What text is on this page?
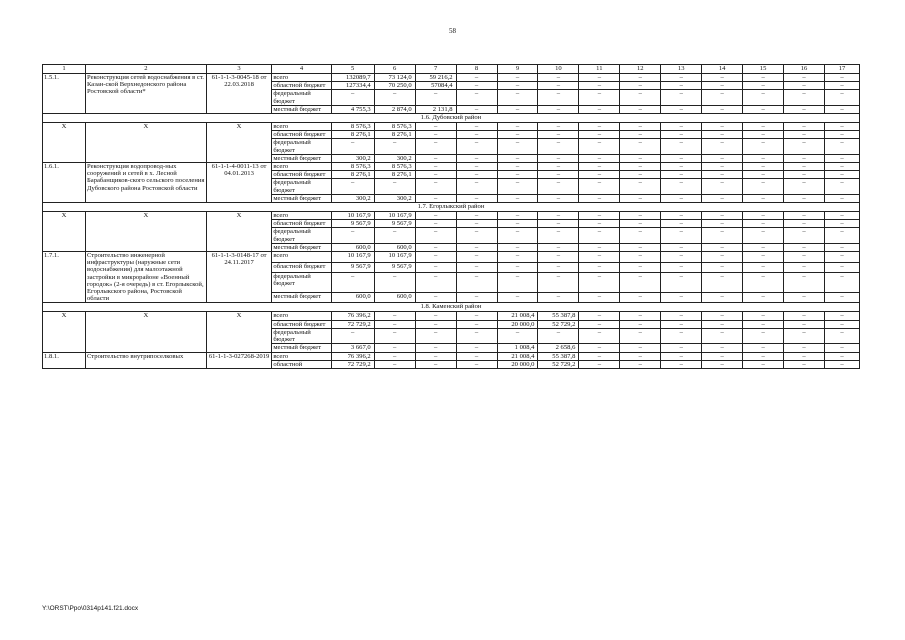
58
1	2	3	4	5	6	7	8	9	10	11	12	13	14	15	16	17
1.5.1.	Реконструкция сетей водоснабжения в ст. Казан-ской Верхнедонского района Ростовской области*	61-1-1-3-0045-18 от 22.03.2018	всего	132089,7	73 124,0	59 216,2	–	–	–	–	–	–	–	–	–	–
			областной бюджет	127334,4	70 250,0	57084,4	–	–	–	–	–	–	–	–	–	–
			федеральный бюджет	–	–	–	–	–	–	–	–	–	–	–	–	–
			местный бюджет	4 755,3	2 874,0	2 131,8	–	–	–	–	–	–	–	–	–	–
1.6. Дубовский район																
Х	Х	Х	всего	8 576,3	8 576,3	–	–	–	–	–	–	–	–	–	–	–
			областной бюджет	8 276,1	8 276,1	–	–	–	–	–	–	–	–	–	–	–
			федеральный бюджет	–	–	–	–	–	–	–	–	–	–	–	–	–
			местный бюджет	300,2	300,2	–	–	–	–	–	–	–	–	–	–	–
1.6.1.	Реконструкция водопровод-ных сооружений и сетей в х. Лесной Барабанщиков-ского сельского поселения Дубовского района Ростовской области	61-1-1-4-0011-13 от 04.01.2013	всего	8 576,3	8 576,3	–	–	–	–	–	–	–	–	–	–	–
			областной бюджет	8 276,1	8 276,1	–	–	–	–	–	–	–	–	–	–	–
			федеральный бюджет	–	–	–	–	–	–	–	–	–	–	–	–	–
			местный бюджет	300,2	300,2	–	–	–	–	–	–	–	–	–	–	–
1.7. Егорлыкский район																
Х	Х	Х	всего	10 167,9	10 167,9	–	–	–	–	–	–	–	–	–	–	–
			областной бюджет	9 567,9	9 567,9	–	–	–	–	–	–	–	–	–	–	–
			федеральный бюджет	–	–	–	–	–	–	–	–	–	–	–	–	–
			местный бюджет	600,0	600,0	–	–	–	–	–	–	–	–	–	–	–
1.7.1.	Строительство инженерной инфраструктуры (наружные сети водоснабжения) для малоэтажной застройки в микрорайоне «Военный городок» (2-я очередь) в ст. Егорлыкской, Егорлыкского района, Ростовской области	61-1-1-3-0148-17 от 24.11.2017	всего	10 167,9	10 167,9	–	–	–	–	–	–	–	–	–	–	–
			областной бюджет	9 567,9	9 567,9	–	–	–	–	–	–	–	–	–	–	–
			федеральный бюджет	–	–	–	–	–	–	–	–	–	–	–	–	–
			местный бюджет	600,0	600,0	–	–	–	–	–	–	–	–	–	–	–
1.8. Каменский район																
Х	Х	Х	всего	76 396,2	–	–	–	21 008,4	55 387,8	–	–	–	–	–	–	–
			областной бюджет	72 729,2	–	–	–	20 000,0	52 729,2	–	–	–	–	–	–	–
			федеральный бюджет	–	–	–	–	–	–	–	–	–	–	–	–	–
			местный бюджет	3 667,0	–	–	–	1 008,4	2 658,6	–	–	–	–	–	–	–
1.8.1.	Строительство внутрипоселковых	61-1-1-3-027268-2019	всего	76 396,2	–	–	–	21 008,4	55 387,8	–	–	–	–	–	–	–
			областной	72 729,2	–	–	–	20 000,0	52 729,2	–	–	–	–	–	–	–
Y:\ORST\Ppo\0314p141.f21.docx
